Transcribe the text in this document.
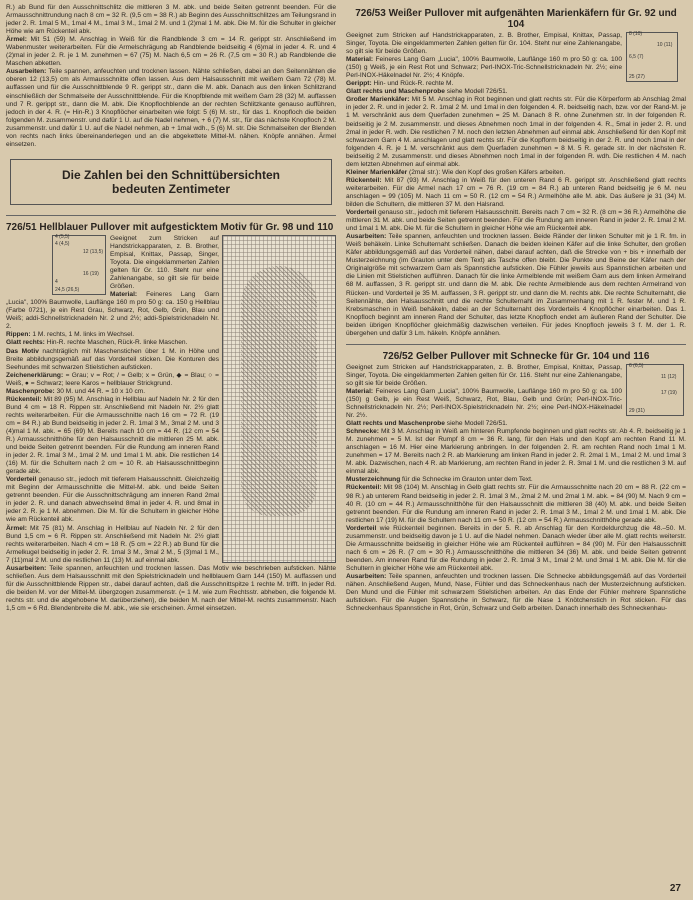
R.) ab Bund für den Ausschnittschlitz die mittleren 3 M. abk. und beide Seiten getrennt beenden. Für die Armausschnittrundung nach 8 cm = 32 R. (9,5 cm = 38 R.) ab Beginn des Ausschnittschlitzes am Teilungsrand in jeder 2. R. 1mal 5 M., 1mal 4 M., 1mal 3 M., 1mal 2 M. und 1 (2)mal 1 M. abk. Die M. für die Schulter in gleicher Höhe wie am Rückenteil abk.

Ärmel: Mit 51 (59) M. Anschlag in Weiß für die Randblende 3 cm = 14 R. gerippt str. Anschließend im Wabenmuster weiterarbeiten. Für die Armelschrägung ab Randblende beidseitig 4 (6)mal in jeder 4. R. und 4 (2)mal in jeder 2. R. je 1 M. zunehmen = 67 (75) M. Nach 6,5 cm = 26 R. (7,5 cm = 30 R.) ab Randblende die Maschen abketten.

Ausarbeiten: Teile spannen, anfeuchten und trocknen lassen. Nähte schließen, dabei an den Seitennähten die oberen 12 (13,5) cm als Armausschnitte offen lassen. Aus dem Halsausschnitt mit weißem Garn 72 (78) M. auffassen und für die Ausschnittblende 9 R. gerippt str., dann die M. abk. Danach aus den linken Schlitzrand einschließlich der Schmalseite der Ausschnittblende. Für die Knopfblende mit weißem Garn 28 (32) M. auffassen und 7 R. gerippt str., dann die M. abk. Die Knopflochblende an der rechten Schlitzkante genauso aufführen, jedoch in der 4. R. (= Hin-R.) 3 Knopflöcher einarbeiten wie folgt: 5 (6) M. str., für das 1. Knopfloch die beiden folgenden M. zusammenstr. und dafür 1 U. auf die Nadel nehmen, + 6 (7) M. str., für das nächste Knopfloch 2 M. zusammenstr. und dafür 1 U. auf die Nadel nehmen, ab + 1mal wdh., 5 (6) M. str. Die Schmalseiten der Blenden von rechts nach links übereinanderlegen und an die abgekettete Mittel-M. nähen. Knöpfe annähen. Ärmel einsetzen.

Die Zahlen bei den Schnittübersichten
bedeuten Zentimeter
726/51 Hellblauer Pullover mit aufgesticktem Motiv für Gr. 98 und 110
4 (5,5)
4 (4,5)
12 (13,5)
16 (19)
4
24,5 (26,5)

Geeignet zum Stricken auf Handstrickapparaten, z. B. Brother, Empisal, Knittax, Passap, Singer, Toyota. Die eingeklammerten Zahlen gelten für Gr. 110. Steht nur eine Zahlenangabe, so gilt sie für beide Größen.

Material: Feineres Lang Garn „Lucia", 100% Baumwolle, Lauflänge 160 m pro 50 g: ca. 150 g Hellblau (Farbe 0721), je ein Rest Grau, Schwarz, Rot, Gelb, Grün, Blau und Weiß; addi-Schnellstricknadeln Nr. 2 und 2½; addi-Spielstricknadeln Nr. 2.

Rippen: 1 M. rechts, 1 M. links im Wechsel.

Glatt rechts: Hin-R. rechte Maschen, Rück-R. linke Maschen.

Das Motiv nachträglich mit Maschenstichen über 1 M. in Höhe und Breite abbildungsgemäß auf das Vorderteil sticken. Die Konturen des Seehundes mit schwarzen Stielstichen aufsticken.

Zeichenerklärung: = Grau; v = Rot; / = Gelb; x = Grün, ◆ = Blau; ○ = Weiß, ● = Schwarz; leere Karos = hellblauer Strickgrund.

Maschenprobe: 30 M. und 44 R. = 10 x 10 cm.

Rückenteil: Mit 89 (95) M. Anschlag in Hellblau auf Nadeln Nr. 2 für den Bund 4 cm = 18 R. Rippen str. Anschließend mit Nadeln Nr. 2½ glatt rechts weiterarbeiten. Für die Armausschnitte nach 16 cm = 72 R. (19 cm = 84 R.) ab Bund beidseitig in jeder 2. R. 1mal 3 M., 3mal 2 M. und 3 (4)mal 1 M. abk. = 65 (69) M. Bereits nach 10 cm = 44 R. (12 cm = 54 R.) Armausschnitthöhe für den Halsausschnitt die mittleren 25 M. abk. und beide Seiten getrennt beenden. Für die Rundung am inneren Rand in jeder 2. R. 1mal 3 M., 1mal 2 M. und 1mal 1 M. abk. Die restlichen 14 (16) M. für die Schultern nach 2 cm = 10 R. ab Halsausschnittbeginn gerade abk.

Vorderteil genauso str., jedoch mit tieferem Halsausschnitt. Gleichzeitig mit Beginn der Armausschnitte die Mittel-M. abk. und beide Seiten getrennt beenden. Für die Ausschnittschrägung am inneren Rand 2mal in jeder 2. R. und danach abwechselnd 8mal in jeder 4. R. und 8mal in jeder 2. R. je 1 M. abnehmen. Die M. für die Schultern in gleicher Höhe wie am Rückenteil abk.

Ärmel: Mit 75 (81) M. Anschlag in Hellblau auf Nadeln Nr. 2 für den Bund 1,5 cm = 6 R. Rippen str. Anschließend mit Nadeln Nr. 2½ glatt rechts weiterarbeiten. Nach 4 cm = 18 R. (5 cm = 22 R.) ab Bund für die Armelkugel beidseitig in jeder 2. R. 1mal 3 M., 3mal 2 M., 5 (3)mal 1 M., 7 (11)mal 2 M. und die restlichen 11 (13) M. auf einmal abk.

Ausarbeiten: Teile spannen, anfeuchten und trocknen lassen. Das Motiv wie beschrieben aufsticken. Nähte schließen. Aus dem Halsausschnitt mit den Spielstricknadeln und hellblauem Garn 144 (150) M. auffassen und für die Ausschnittblende Rippen str., dabei darauf achten, daß die Ausschnittspitze 1 rechte M. trifft. In jeder Rd. die beiden M. vor der Mittel-M. übergzogen zusammenstr. (= 1 M. wie zum Rechtsstr. abheben, die folgende M. rechts str. und die abgehobene M. darüberziehen), die beiden M. nach der Mittel-M. rechts zusammenstr. Nach 1,5 cm = 6 Rd. Blendenbreite die M. abk., wie sie erscheinen. Ärmel einsetzen.

726/53 Weißer Pullover mit aufgenähten Marienkäfern für Gr. 92 und 104
8 (10)
10 (11)
6,5 (7)
25 (27)

Geeignet zum Stricken auf Handstrickapparaten, z. B. Brother, Empisal, Knittax, Passap, Singer, Toyota. Die eingeklammerten Zahlen gelten für Gr. 104. Steht nur eine Zahlenangabe, so gilt sie für beide Größen.

Material: Feineres Lang Garn „Lucia", 100% Baumwolle, Lauflänge 160 m pro 50 g: ca. 100 (150) g Weiß, je ein Rest Rot und Schwarz; Perl-INOX-Tric-Schnellstricknadeln Nr. 2½; eine Perl-INOX-Häkelnadel Nr. 2½; 4 Knöpfe.

Gerippt: Hin- und Rück-R. rechte M.

Glatt rechts und Maschenprobe siehe Modell 726/51.

Großer Marienkäfer: Mit 5 M. Anschlag in Rot beginnen und glatt rechts str. Für die Körperform ab Anschlag 2mal in jeder 2. R. und in jeder 2. R. 1mal 2 M. und 1mal in den folgenden 4. R. beidseitig nach, bzw. vor der Rand-M. je 1 M. verschränkt aus dem Querfaden zunehmen = 25 M. Danach 8 R. ohne Zunehmen str. In der folgenden R. beidseitig je 2 M. zusammenstr. und dieses Abnehmen noch 1mal in der folgenden 4. R., 5mal in jeder 2. R. und 2mal in jeder R. wdh. Die restlichen 7 M. noch den letzten Abnehmen auf einmal abk. Anschließend für den Kopf mit schwarzem Garn 4 M. anschlagen und glatt rechts str. Für die Kopfform beidseitig in der 2. R. und noch 1mal in der folgenden 4. R. je 1 M. verschränkt aus dem Querfaden zunehmen = 8 M. 5 R. gerade str. In der nächsten R. beidseitig 2 M. zusammenstr. und dieses Abnehmen noch 1mal in der folgenden R. wdh. Die restlichen 4 M. nach dem letzten Abnehmen auf einmal abk.

Kleiner Marienkäfer (2mal str.): Wie den Kopf des großen Käfers arbeiten.

Rückenteil: Mit 87 (93) M. Anschlag in Weiß für den unteren Rand 6 R. gerippt str. Anschließend glatt rechts weiterarbeiten. Für die Armel nach 17 cm = 76 R. (19 cm = 84 R.) ab unteren Rand beidseitig je 6 M. neu anschlagen = 99 (105) M. Nach 11 cm = 50 R. (12 cm = 54 R.) Armelhöhe alle M. abk. Das äußere je 31 (34) M. bilden die Schultern, die mittleren 37 M. den Halsrand.

Vorderteil genauso str., jedoch mit tieferem Halsausschnitt. Bereits nach 7 cm = 32 R. (8 cm = 36 R.) Armelhöhe die mittleren 31 M. abk. und beide Seiten getrennt beenden. Für die Rundung am inneren Rand in jeder 2. R. 1mal 2 M. und 1mal 1 M. abk. Die M. für die Schultern in gleicher Höhe wie am Rückenteil abk.

Ausarbeiten: Teile spannen, anfeuchten und trocknen lassen. Beide Ränder der linken Schulter mit je 1 R. fm. in Weiß behäkeln. Linke Schulternaht schließen. Danach die beiden kleinen Käfer auf die linke Schulter, den großen Käfer abbildungsgemäß auf das Vorderteil nähen, dabei darauf achten, daß die Strecke von + bis + innerhalb der Musterzeichnung (im Grauton unter dem Text) als Tasche offen bleibt. Die Punkte und Beine der Käfer nach der Originalgröße mit schwarzem Garn als Spannstiche aufsticken. Die Fühler jeweils aus Spannstichen arbeiten und die Linien mit Stielstichen aufführen. Danach für die linke Armelblende mit weißem Garn aus dem linken Armelrand 68 M. auffassen, 3 R. gerippt str. und dann die M. abk. Die rechte Armelblende aus dem rechten Armelrand von Rücken- und Vorderteil je 35 M. auffassen, 3 R. gerippt str. und dann die M. rechts abk. Die rechte Schulternaht, die Seitennähte, den Halsausschnitt und die rechte Schulternaht im Zusammenhang mit 1 R. fester M. und 1 R. Krebsmaschen in Weiß behäkeln, dabei an der Schulternaht des Vorderteils 4 Knopflöcher einarbeiten. Das 1. Knopfloch beginnt am inneren Rand der Schulter, das letzte Knopfloch endet am äußeren Rand der Schulter. Die beiden übrigen Knopflöcher gleichmäßig dazwischen verteilen. Für jedes Knopfloch jeweils 3 f. M. der 1. R. übergehen und dafür 3 Lm. häkeln. Knöpfe annähen.

726/52 Gelber Pullover mit Schnecke für Gr. 104 und 116
6 (6,5)
11 (12)
17 (19)
29 (31)

Geeignet zum Stricken auf Handstrickapparaten, z. B. Brother, Empisal, Knittax, Passap, Singer, Toyota. Die eingeklammerten Zahlen gelten für Gr. 116. Steht nur eine Zahlenangabe, so gilt sie für beide Größen.

Material: Feineres Lang Garn „Lucia", 100% Baumwolle, Lauflänge 160 m pro 50 g: ca. 100 (150) g Gelb, je ein Rest Weiß, Schwarz, Rot, Blau, Gelb und Grün; Perl-INOX-Tric-Schnellstricknadeln Nr. 2½; Perl-INOX-Spielstricknadeln Nr. 2½; eine Perl-INOX-Häkelnadel Nr. 2½.

Glatt rechts und Maschenprobe siehe Modell 726/51.

Schnecke: Mit 3 M. Anschlag in Weiß am hinteren Rumpfende beginnen und glatt rechts str. Ab 4. R. beidseitig je 1 M. zunehmen = 5 M. Ist der Rumpf 8 cm = 36 R. lang, für den Hals und den Kopf am rechten Rand 11 M. anschlagen = 16 M. Hier eine Markierung anbringen. In der folgenden 2. R. am rechten Rand noch 1mal 1 M. zunehmen = 17 M. Bereits nach 2 R. ab Markierung am linken Rand in jeder 2. R. 2mal 1 M., 1mal 2 M. und 1mal 3 M. abk. Dazwischen, nach 4 R. ab Markierung, am rechten Rand in jeder 2. R. 3mal 1 M. und die restlichen 3 M. auf einmal abk.

Musterzeichnung für die Schnecke im Grauton unter dem Text.

Rückenteil: Mit 98 (104) M. Anschlag in Gelb glatt rechts str. Für die Armausschnitte nach 20 cm = 88 R. (22 cm = 98 R.) ab unterem Rand beidseitig in jeder 2. R. 1mal 3 M., 2mal 2 M. und 2mal 1 M. abk. = 84 (90) M. Nach 9 cm = 40 R. (10 cm = 44 R.) Armausschnitthöhe für den Halsausschnitt die mittleren 38 (40) M. abk. und beide Seiten getrennt beenden. Für die Rundung am inneren Rand in jeder 2. R. 1mal 3 M., 1mal 2 M. und 1mal 1 M. abk. Die restlichen 17 (19) M. für die Schultern nach 11 cm = 50 R. (12 cm = 54 R.) Armausschnitthöhe gerade abk.

Vorderteil wie Rückenteil beginnen. Bereits in der 5. R. ab Anschlag für den Kordeldurchzug die 48.–50. M. zusammenstr. und beidseitig davon je 1 U. auf die Nadel nehmen. Danach wieder über alle M. glatt rechts weiterstr. Die Armausschnitte beidseitig in gleicher Höhe wie am Rückenteil aufführen = 84 (90) M. Für den Halsausschnitt nach 6 cm = 26 R. (7 cm = 30 R.) Armausschnitthöhe die mittleren 34 (36) M. abk. und beide Seiten getrennt beenden. Am inneren Rand für die Rundung in jeder 2. R. 1mal 3 M., 1mal 2 M. und 3mal 1 M. abk. Die M. für die Schultern in gleicher Höhe wie am Rückenteil abk.

Ausarbeiten: Teile spannen, anfeuchten und trocknen lassen. Die Schnecke abbildungsgemäß auf das Vorderteil nähen. Anschließend Augen, Mund, Nase, Fühler und das Schneckenhaus nach der Musterzeichnung aufsticken. Den Mund und die Fühler mit schwarzem Stielstichen arbeiten. An das Ende der Fühler mehrere Spannstiche aufsticken. Für die Augen Spannstiche in Schwarz, für die Nase 1 Knötchenstich in Rot sticken. Für das Schneckenhaus Spannstiche in Rot, Grün, Schwarz und Gelb arbeiten. Danach innerhalb des Schneckenhau-

27
